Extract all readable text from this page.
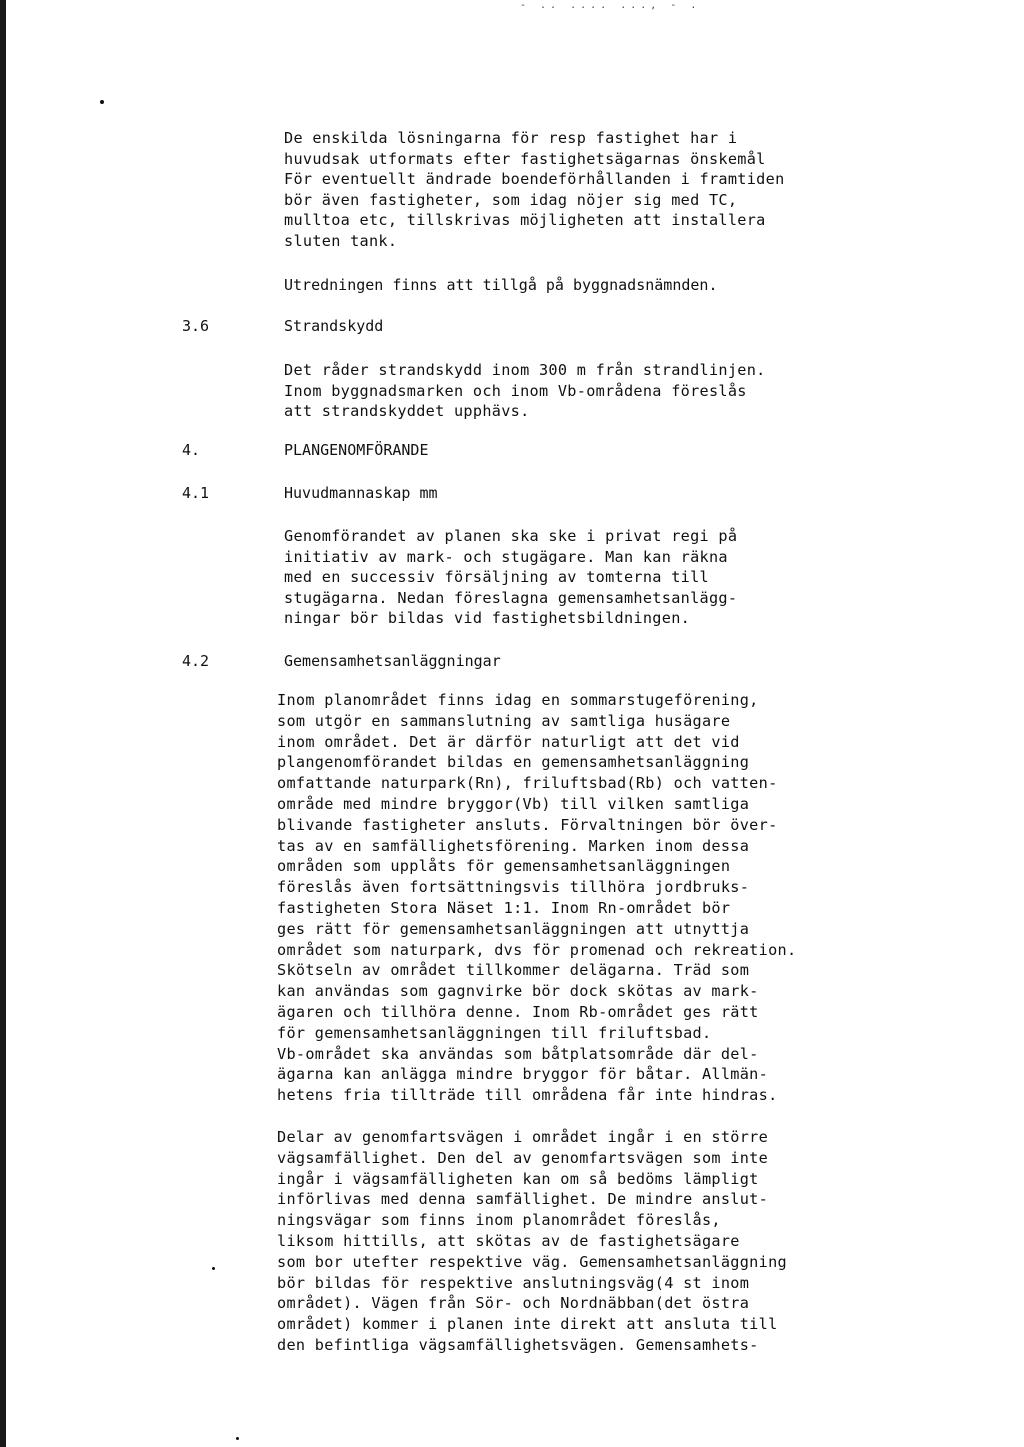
- .. .... ..., - .
De enskilda lösningarna för resp fastighet har i
huvudsak utformats efter fastighetsägarnas önskemål
För eventuellt ändrade boendeförhållanden i framtiden
bör även fastigheter, som idag nöjer sig med TC,
mulltoa etc, tillskrivas möjligheten att installera
sluten tank.
Utredningen finns att tillgå på byggnadsnämnden.
3.6	Strandskydd
Det råder strandskydd inom 300 m från strandlinjen.
Inom byggnadsmarken och inom Vb-områdena föreslås
att strandskyddet upphävs.
4.	PLANGENOMFÖRANDE
4.1	Huvudmannaskap mm
Genomförandet av planen ska ske i privat regi på
initiativ av mark- och stugägare. Man kan räkna
med en successiv försäljning av tomterna till
stugägarna. Nedan föreslagna gemensamhetsanlägg-
ningar bör bildas vid fastighetsbildningen.
4.2	Gemensamhetsanläggningar
Inom planområdet finns idag en sommarstugeförening,
som utgör en sammanslutning av samtliga husägare
inom området. Det är därför naturligt att det vid
plangenomförandet bildas en gemensamhetsanläggning
omfattande naturpark(Rn), friluftsbad(Rb) och vatten-
område med mindre bryggor(Vb) till vilken samtliga
blivande fastigheter ansluts. Förvaltningen bör över-
tas av en samfällighetsförening. Marken inom dessa
områden som upplåts för gemensamhetsanläggningen
föreslås även fortsättningsvis tillhöra jordbruks-
fastigheten Stora Näset 1:1. Inom Rn-området bör
ges rätt för gemensamhetsanläggningen att utnyttja
området som naturpark, dvs för promenad och rekreation.
Skötseln av området tillkommer delägarna. Träd som
kan användas som gagnvirke bör dock skötas av mark-
ägaren och tillhöra denne. Inom Rb-området ges rätt
för gemensamhetsanläggningen till friluftsbad.
Vb-området ska användas som båtplatsområde där del-
ägarna kan anlägga mindre bryggor för båtar. Allmän-
hetens fria tillträde till områdena får inte hindras.
Delar av genomfartsvägen i området ingår i en större
vägsamfällighet. Den del av genomfartsvägen som inte
ingår i vägsamfälligheten kan om så bedöms lämpligt
införlivas med denna samfällighet. De mindre anslut-
ningsvägar som finns inom planområdet föreslås,
liksom hittills, att skötas av de fastighetsägare
som bor utefter respektive väg. Gemensamhetsanläggning
bör bildas för respektive anslutningsväg(4 st inom
området). Vägen från Sör- och Nordnäbban(det östra
området) kommer i planen inte direkt att ansluta till
den befintliga vägsamfällighetsvägen. Gemensamhets-
